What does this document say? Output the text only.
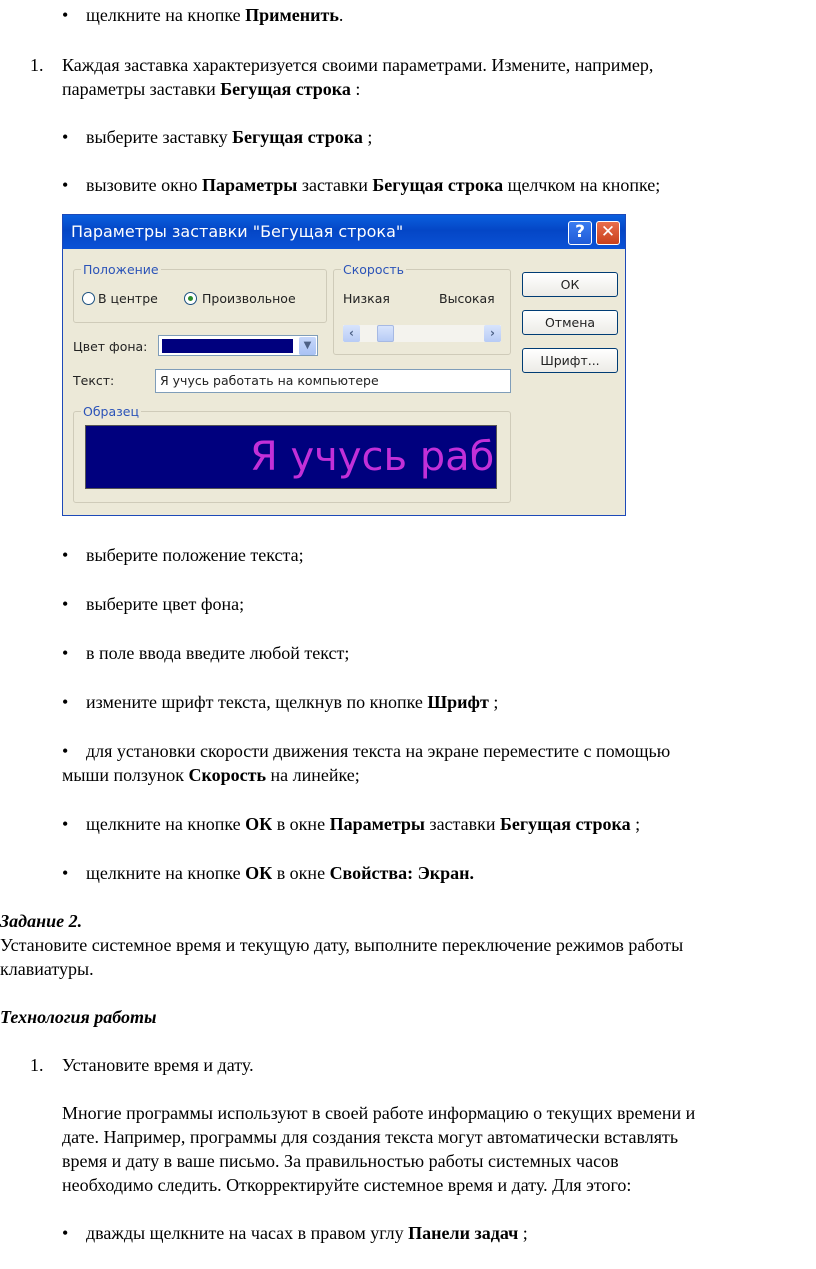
• щелкните на кнопке Применить.
1. Каждая заставка характеризуется своими параметрами. Измените, например,
параметры заставки Бегущая строка :
• выберите заставку Бегущая строка ;
• вызовите окно Параметры заставки Бегущая строка щелчком на кнопке;
Параметры заставки "Бегущая строка"	? ✕
Положение
В центре	Произвольное
Скорость
Низкая	Высокая
‹	›
ОК
Отмена
Шрифт...
Цвет фона:	▼
Текст:	Я учусь работать на компьютере
Образец
Я учусь раб
• выберите положение текста;
• выберите цвет фона;
• в поле ввода введите любой текст;
• измените шрифт текста, щелкнув по кнопке Шрифт ;
• для установки скорости движения текста на экране переместите с помощью
мыши ползунок Скорость на линейке;
• щелкните на кнопке ОК в окне Параметры заставки Бегущая строка ;
• щелкните на кнопке ОК в окне Свойства: Экран.
Задание 2.
Установите системное время и текущую дату, выполните переключение режимов работы
клавиатуры.
Технология работы
1. Установите время и дату.
Многие программы используют в своей работе информацию о текущих времени и
дате. Например, программы для создания текста могут автоматически вставлять
время и дату в ваше письмо. За правильностью работы системных часов
необходимо следить. Откорректируйте системное время и дату. Для этого:
• дважды щелкните на часах в правом углу Панели задач ;
